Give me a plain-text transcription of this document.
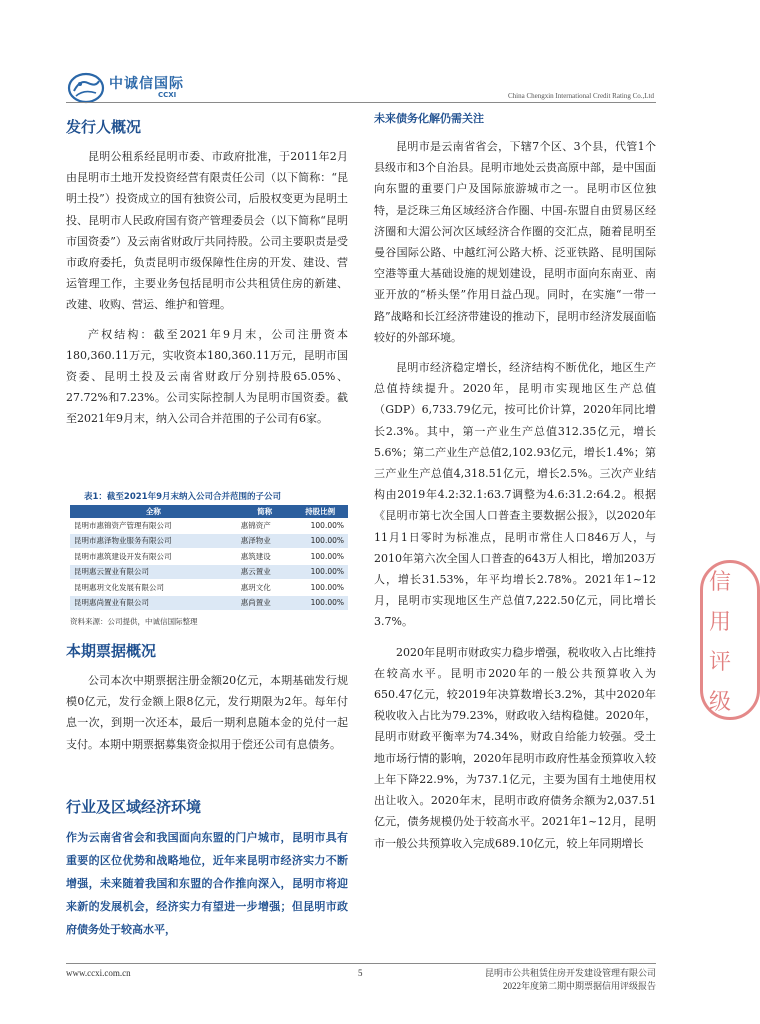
中诚信国际
CCXI	China Chengxin International Credit Rating Co.,Ltd
发行人概况

昆明公租系经昆明市委、市政府批准，于2011年2月由昆明市土地开发投资经营有限责任公司（以下简称：“昆明土投”）投资成立的国有独资公司，后股权变更为昆明土投、昆明市人民政府国有资产管理委员会（以下简称“昆明市国资委”）及云南省财政厅共同持股。公司主要职责是受市政府委托，负责昆明市级保障性住房的开发、建设、营运管理工作，主要业务包括昆明市公共租赁住房的新建、改建、收购、营运、维护和管理。

产权结构：截至2021年9月末，公司注册资本180,360.11万元，实收资本180,360.11万元，昆明市国资委、昆明土投及云南省财政厅分别持股65.05%、27.72%和7.23%。公司实际控制人为昆明市国资委。截至2021年9月末，纳入公司合并范围的子公司有6家。

表1：截至2021年9月末纳入公司合并范围的子公司
全称	简称	持股比例
昆明市惠锦资产管理有限公司	惠锦资产	100.00%
昆明市惠泽物业服务有限公司	惠泽物业	100.00%
昆明市惠筑建设开发有限公司	惠筑建设	100.00%
昆明惠云置业有限公司	惠云置业	100.00%
昆明惠玥文化发展有限公司	惠玥文化	100.00%
昆明惠尚置业有限公司	惠尚置业	100.00%
资料来源：公司提供，中诚信国际整理
本期票据概况

公司本次中期票据注册金额20亿元，本期基础发行规模0亿元，发行金额上限8亿元，发行期限为2年。每年付息一次，到期一次还本，最后一期利息随本金的兑付一起支付。本期中期票据募集资金拟用于偿还公司有息债务。

行业及区域经济环境

作为云南省省会和我国面向东盟的门户城市，昆明市具有重要的区位优势和战略地位，近年来昆明市经济实力不断增强，未来随着我国和东盟的合作推向深入，昆明市将迎来新的发展机会，经济实力有望进一步增强；但昆明市政府债务处于较高水平，

未来债务化解仍需关注

昆明市是云南省省会，下辖7个区、3个县，代管1个县级市和3个自治县。昆明市地处云贵高原中部，是中国面向东盟的重要门户及国际旅游城市之一。昆明市区位独特，是泛珠三角区域经济合作圈、中国-东盟自由贸易区经济圈和大湄公河次区域经济合作圈的交汇点，随着昆明至曼谷国际公路、中越红河公路大桥、泛亚铁路、昆明国际空港等重大基础设施的规划建设，昆明市面向东南亚、南亚开放的“桥头堡”作用日益凸现。同时，在实施“一带一路”战略和长江经济带建设的推动下，昆明市经济发展面临较好的外部环境。

昆明市经济稳定增长，经济结构不断优化，地区生产总值持续提升。2020年，昆明市实现地区生产总值（GDP）6,733.79亿元，按可比价计算，2020年同比增长2.3%。其中，第一产业生产总值312.35亿元，增长5.6%；第二产业生产总值2,102.93亿元，增长1.4%；第三产业生产总值4,318.51亿元，增长2.5%。三次产业结构由2019年4.2:32.1:63.7调整为4.6:31.2:64.2。根据《昆明市第七次全国人口普查主要数据公报》，以2020年11月1日零时为标准点，昆明市常住人口846万人，与2010年第六次全国人口普查的643万人相比，增加203万人，增长31.53%，年平均增长2.78%。2021年1~12月，昆明市实现地区生产总值7,222.50亿元，同比增长3.7%。

2020年昆明市财政实力稳步增强，税收收入占比维持在较高水平。昆明市2020年的一般公共预算收入为650.47亿元，较2019年决算数增长3.2%，其中2020年税收收入占比为79.23%，财政收入结构稳健。2020年，昆明市财政平衡率为74.34%，财政自给能力较强。受土地市场行情的影响，2020年昆明市政府性基金预算收入较上年下降22.9%，为737.1亿元，主要为国有土地使用权出让收入。2020年末，昆明市政府债务余额为2,037.51亿元，债务规模仍处于较高水平。2021年1~12月，昆明市一般公共预算收入完成689.10亿元，较上年同期增长

信用评级
www.ccxi.com.cn	5	昆明市公共租赁住房开发建设管理有限公司
2022年度第二期中期票据信用评级报告
